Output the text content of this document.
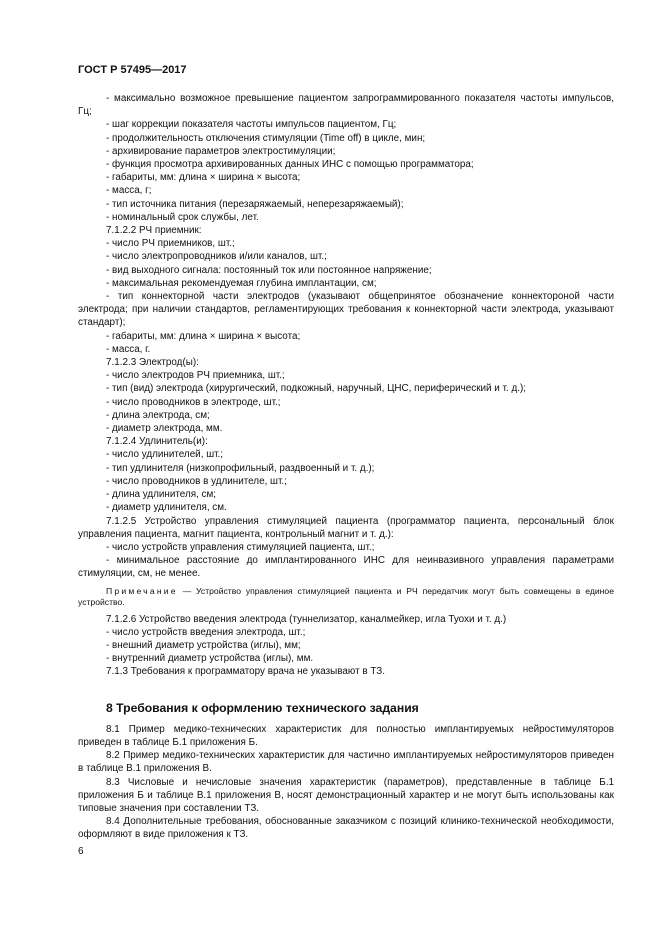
ГОСТ Р 57495—2017

- максимально возможное превышение пациентом запрограммированного показателя частоты импульсов, Гц;

- шаг коррекции показателя частоты импульсов пациентом, Гц;

- продолжительность отключения стимуляции (Time off) в цикле, мин;

- архивирование параметров электростимуляции;

- функция просмотра архивированных данных ИНС с помощью программатора;

- габариты, мм: длина × ширина × высота;

- масса, г;

- тип источника питания (перезаряжаемый, неперезаряжаемый);

- номинальный срок службы, лет.

7.1.2.2 РЧ приемник:

- число РЧ приемников, шт.;

- число электропроводников и/или каналов, шт.;

- вид выходного сигнала: постоянный ток или постоянное напряжение;

- максимальная рекомендуемая глубина имплантации, см;

- тип коннекторной части электродов (указывают общепринятое обозначение коннектороной части электрода; при наличии стандартов, регламентирующих требования к коннекторной части электрода, указывают стандарт);

- габариты, мм: длина × ширина × высота;

- масса, г.

7.1.2.3 Электрод(ы):

- число электродов РЧ приемника, шт.;

- тип (вид) электрода (хирургический, подкожный, наручный, ЦНС, периферический и т. д.);

- число проводников в электроде, шт.;

- длина электрода, см;

- диаметр электрода, мм.

7.1.2.4 Удлинитель(и):

- число удлинителей, шт.;

- тип удлинителя (низкопрофильный, раздвоенный и т. д.);

- число проводников в удлинителе, шт.;

- длина удлинителя, см;

- диаметр удлинителя, см.

7.1.2.5 Устройство управления стимуляцией пациента (программатор пациента, персональный блок управления пациента, магнит пациента, контрольный магнит и т. д.):

- число устройств управления стимуляцией пациента, шт.;

- минимальное расстояние до имплантированного ИНС для неинвазивного управления параметрами стимуляции, см, не менее.

Примечание — Устройство управления стимуляцией пациента и РЧ передатчик могут быть совмещены в единое устройство.

7.1.2.6 Устройство введения электрода (туннелизатор, каналмейкер, игла Туохи и т. д.)

- число устройств введения электрода, шт.;

- внешний диаметр устройства (иглы), мм;

- внутренний диаметр устройства (иглы), мм.

7.1.3 Требования к программатору врача не указывают в ТЗ.

8 Требования к оформлению технического задания

8.1 Пример медико-технических характеристик для полностью имплантируемых нейростимуляторов приведен в таблице Б.1 приложения Б.

8.2 Пример медико-технических характеристик для частично имплантируемых нейростимуляторов приведен в таблице В.1 приложения В.

8.3 Числовые и нечисловые значения характеристик (параметров), представленные в таблице Б.1 приложения Б и таблице В.1 приложения В, носят демонстрационный характер и не могут быть использованы как типовые значения при составлении ТЗ.

8.4 Дополнительные требования, обоснованные заказчиком с позиций клинико-технической необходимости, оформляют в виде приложения к ТЗ.

6
